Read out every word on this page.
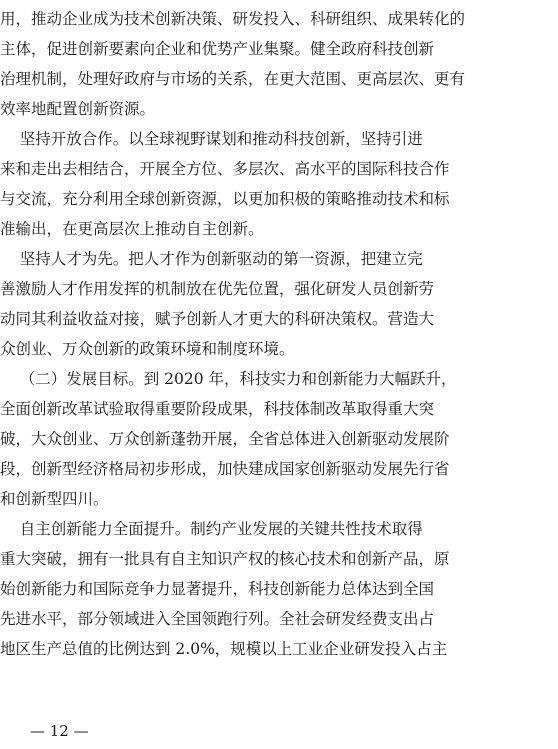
用，推动企业成为技术创新决策、研发投入、科研组织、成果转化的
主体，促进创新要素向企业和优势产业集聚。健全政府科技创新
治理机制，处理好政府与市场的关系，在更大范围、更高层次、更有
效率地配置创新资源。
坚持开放合作。以全球视野谋划和推动科技创新，坚持引进
来和走出去相结合，开展全方位、多层次、高水平的国际科技合作
与交流，充分利用全球创新资源，以更加积极的策略推动技术和标
准输出，在更高层次上推动自主创新。
坚持人才为先。把人才作为创新驱动的第一资源，把建立完
善激励人才作用发挥的机制放在优先位置，强化研发人员创新劳
动同其利益收益对接，赋予创新人才更大的科研决策权。营造大
众创业、万众创新的政策环境和制度环境。
（二）发展目标。到 2020 年，科技实力和创新能力大幅跃升，
全面创新改革试验取得重要阶段成果，科技体制改革取得重大突
破，大众创业、万众创新蓬勃开展，全省总体进入创新驱动发展阶
段，创新型经济格局初步形成，加快建成国家创新驱动发展先行省
和创新型四川。
自主创新能力全面提升。制约产业发展的关键共性技术取得
重大突破，拥有一批具有自主知识产权的核心技术和创新产品，原
始创新能力和国际竞争力显著提升，科技创新能力总体达到全国
先进水平，部分领域进入全国领跑行列。全社会研发经费支出占
地区生产总值的比例达到 2.0%，规模以上工业企业研发投入占主
— 12 —
